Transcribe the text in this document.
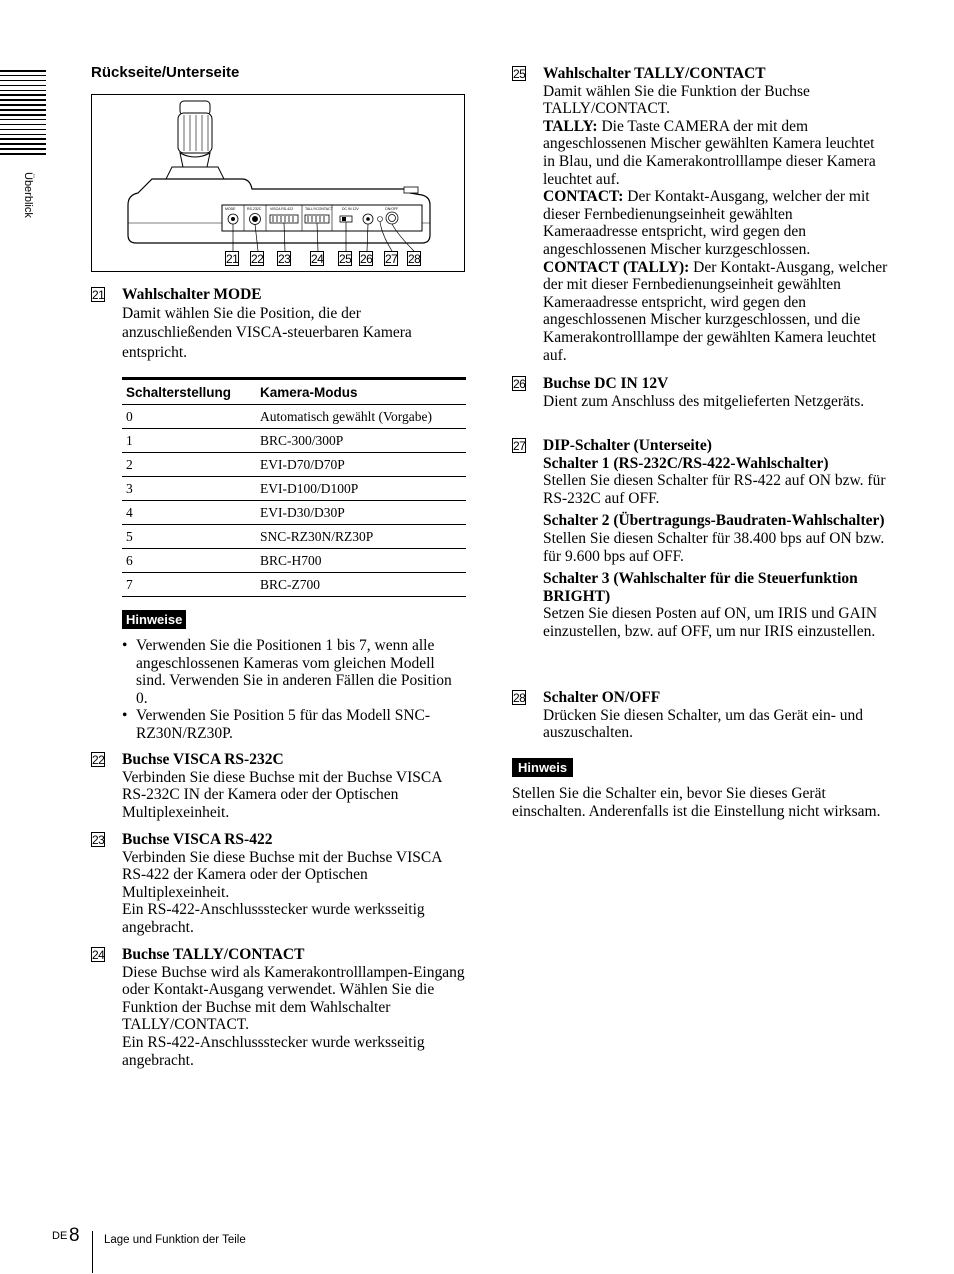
Überblick
Rückseite/Unterseite
MODE	RS-232C VISCA RS-422	TALLY/CONTACT	DC IN 12V	ON/OFF
21 22 23 24 25 26 27 28
21 Wahlschalter MODE

Damit wählen Sie die Position, die der anzuschließenden VISCA-steuerbaren Kamera entspricht.

Schalterstellung	Kamera-Modus
0	Automatisch gewählt (Vorgabe)
1	BRC-300/300P
2	EVI-D70/D70P
3	EVI-D100/D100P
4	EVI-D30/D30P
5	SNC-RZ30N/RZ30P
6	BRC-H700
7	BRC-Z700
Hinweise
• Verwenden Sie die Positionen 1 bis 7, wenn alle angeschlossenen Kameras vom gleichen Modell sind. Verwenden Sie in anderen Fällen die Position 0.
• Verwenden Sie Position 5 für das Modell SNC-RZ30N/RZ30P.
22 Buchse VISCA RS-232C

Verbinden Sie diese Buchse mit der Buchse VISCA RS-232C IN der Kamera oder der Optischen Multiplexeinheit.

23 Buchse VISCA RS-422

Verbinden Sie diese Buchse mit der Buchse VISCA RS-422 der Kamera oder der Optischen Multiplexeinheit.

Ein RS-422-Anschlussstecker wurde werksseitig angebracht.

24 Buchse TALLY/CONTACT

Diese Buchse wird als Kamerakontrolllampen-Eingang oder Kontakt-Ausgang verwendet. Wählen Sie die Funktion der Buchse mit dem Wahlschalter TALLY/CONTACT.

Ein RS-422-Anschlussstecker wurde werksseitig angebracht.

25 Wahlschalter TALLY/CONTACT

Damit wählen Sie die Funktion der Buchse TALLY/CONTACT.

TALLY: Die Taste CAMERA der mit dem angeschlossenen Mischer gewählten Kamera leuchtet in Blau, und die Kamerakontrolllampe dieser Kamera leuchtet auf.

CONTACT: Der Kontakt-Ausgang, welcher der mit dieser Fernbedienungseinheit gewählten Kameraadresse entspricht, wird gegen den angeschlossenen Mischer kurzgeschlossen.

CONTACT (TALLY): Der Kontakt-Ausgang, welcher der mit dieser Fernbedienungseinheit gewählten Kameraadresse entspricht, wird gegen den angeschlossenen Mischer kurzgeschlossen, und die Kamerakontrolllampe der gewählten Kamera leuchtet auf.

26 Buchse DC IN 12V

Dient zum Anschluss des mitgelieferten Netzgeräts.

27 DIP-Schalter (Unterseite)

Schalter 1 (RS-232C/RS-422-Wahlschalter)

Stellen Sie diesen Schalter für RS-422 auf ON bzw. für RS-232C auf OFF.

Schalter 2 (Übertragungs-Baudraten-Wahlschalter)

Stellen Sie diesen Schalter für 38.400 bps auf ON bzw. für 9.600 bps auf OFF.

Schalter 3 (Wahlschalter für die Steuerfunktion BRIGHT)

Setzen Sie diesen Posten auf ON, um IRIS und GAIN einzustellen, bzw. auf OFF, um nur IRIS einzustellen.

28 Schalter ON/OFF

Drücken Sie diesen Schalter, um das Gerät ein- und auszuschalten.

Hinweis
Stellen Sie die Schalter ein, bevor Sie dieses Gerät einschalten. Anderenfalls ist die Einstellung nicht wirksam.
DE 8 Lage und Funktion der Teile
